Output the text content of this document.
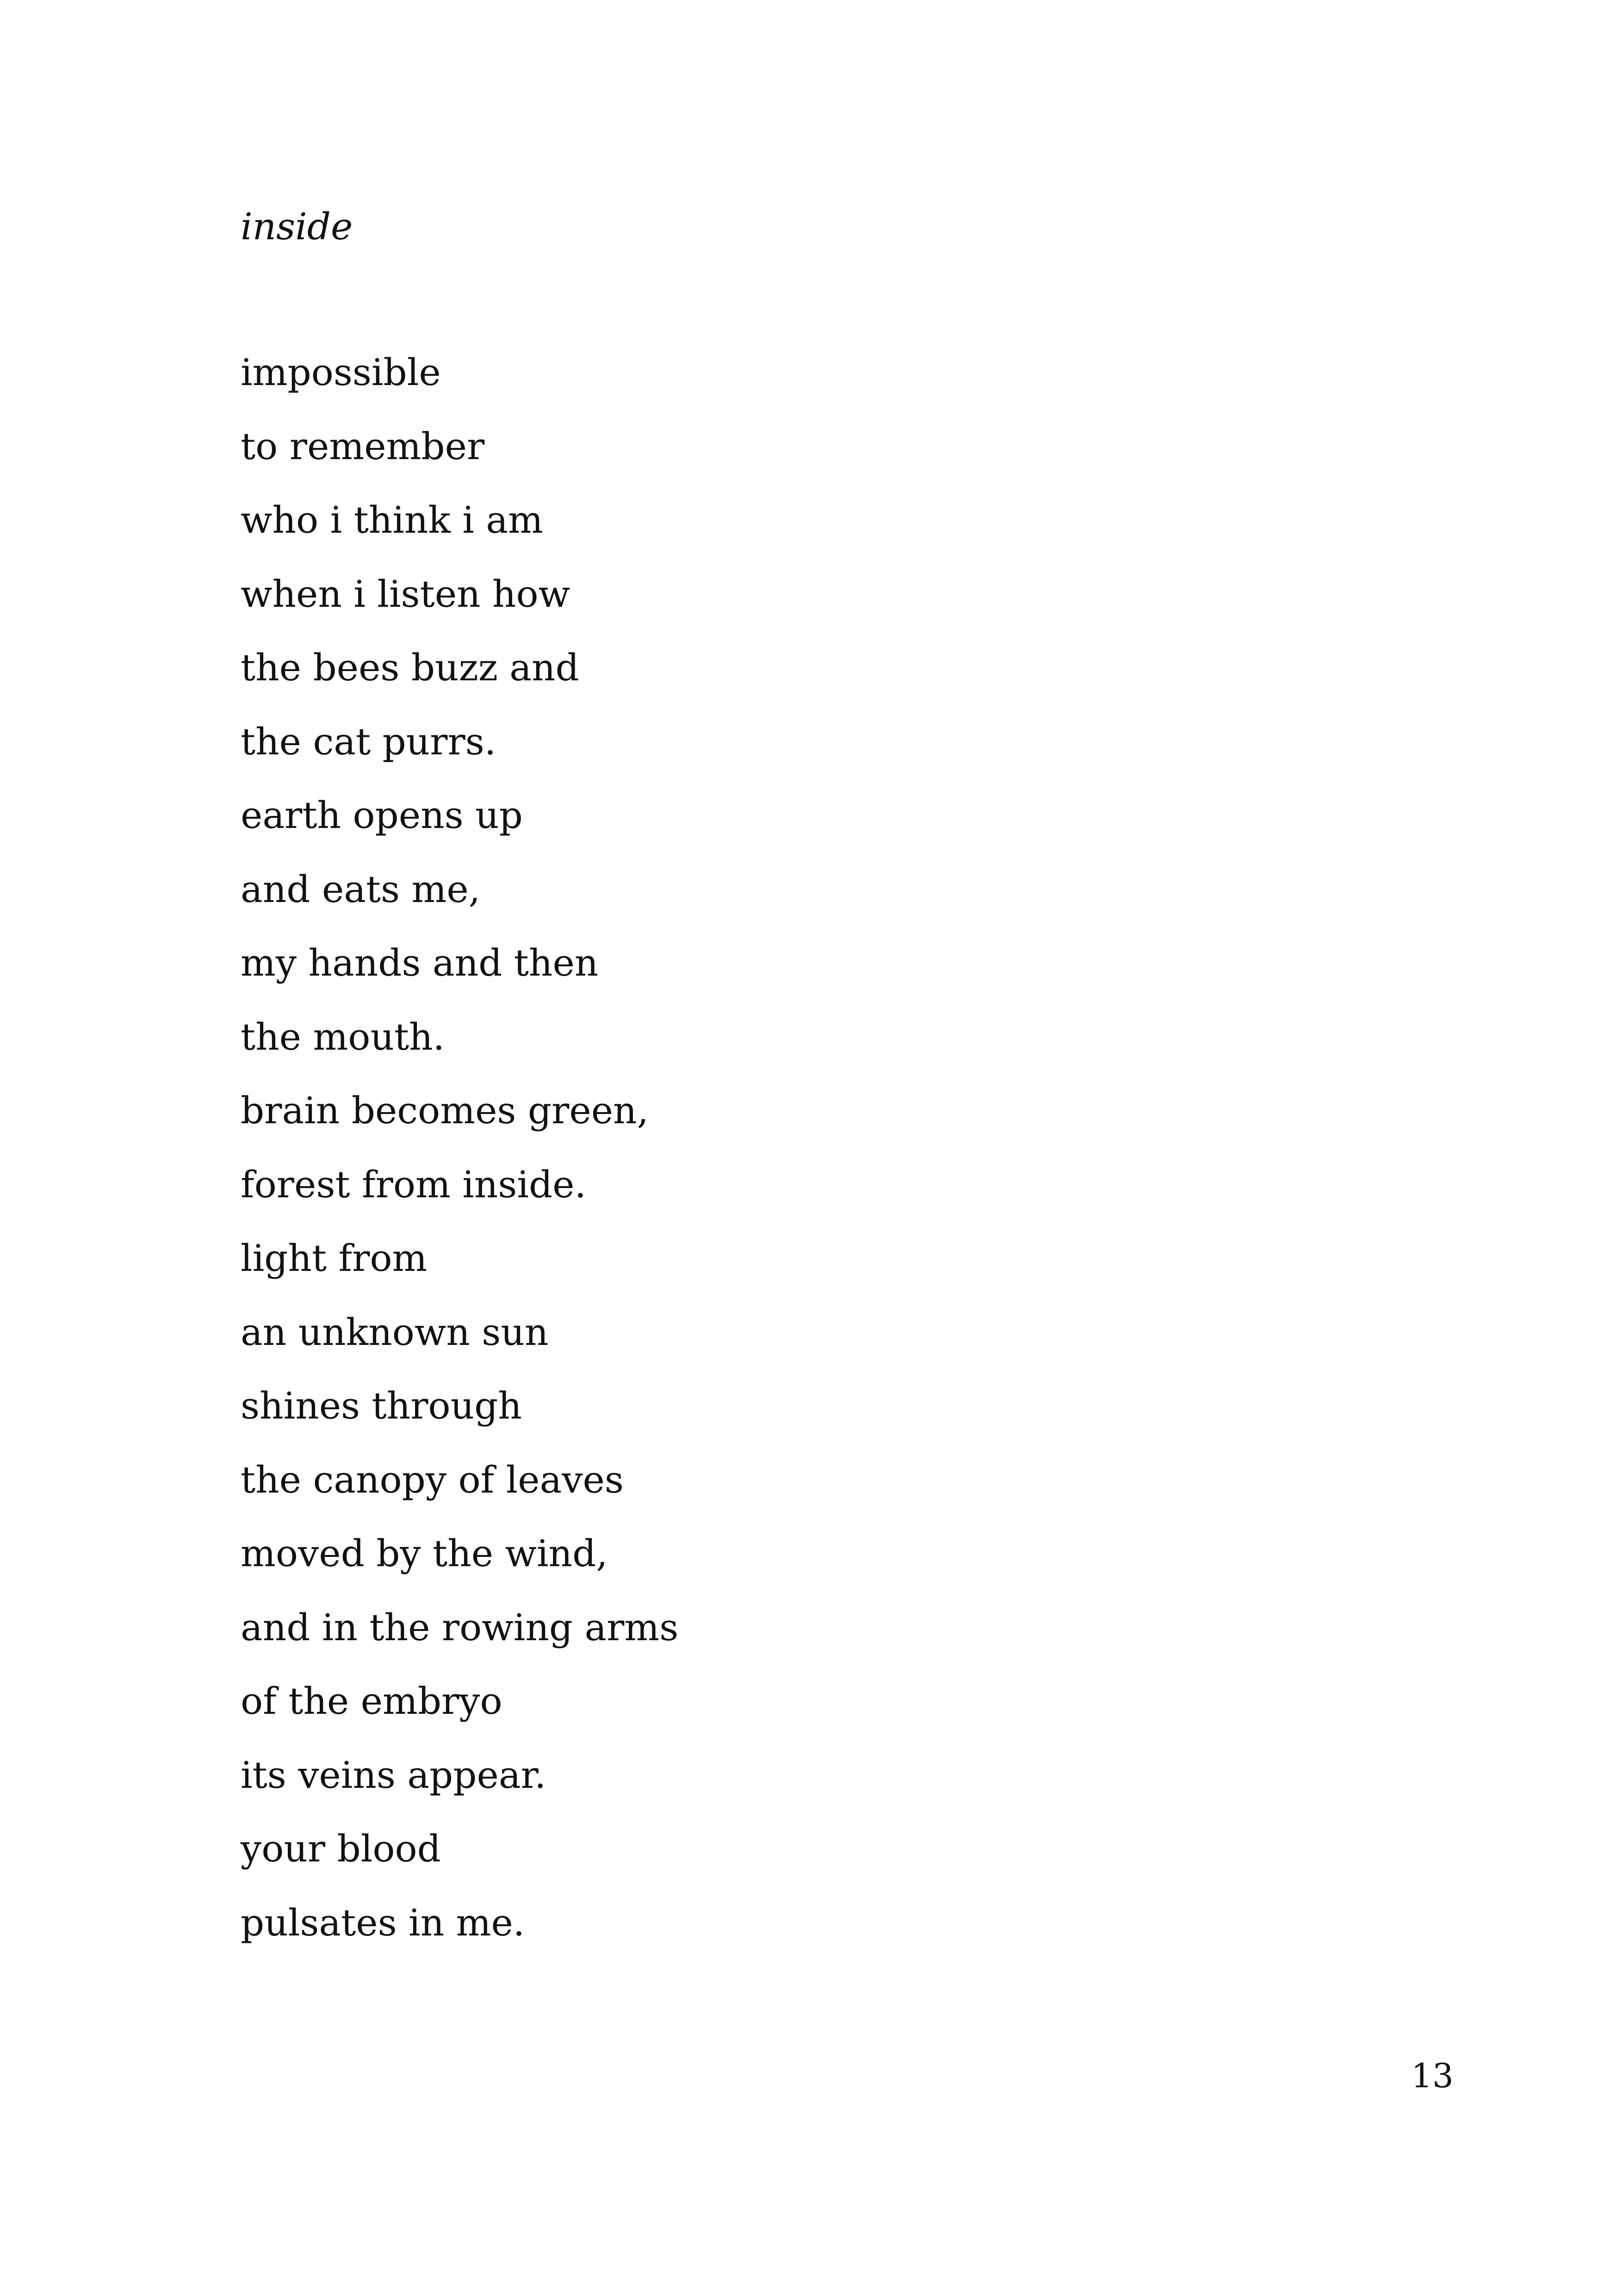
inside
impossible
to remember
who i think i am
when i listen how
the bees buzz and
the cat purrs.
earth opens up
and eats me,
my hands and then
the mouth.
brain becomes green,
forest from inside.
light from
an unknown sun
shines through
the canopy of leaves
moved by the wind,
and in the rowing arms
of the embryo
its veins appear.
your blood
pulsates in me.
13
